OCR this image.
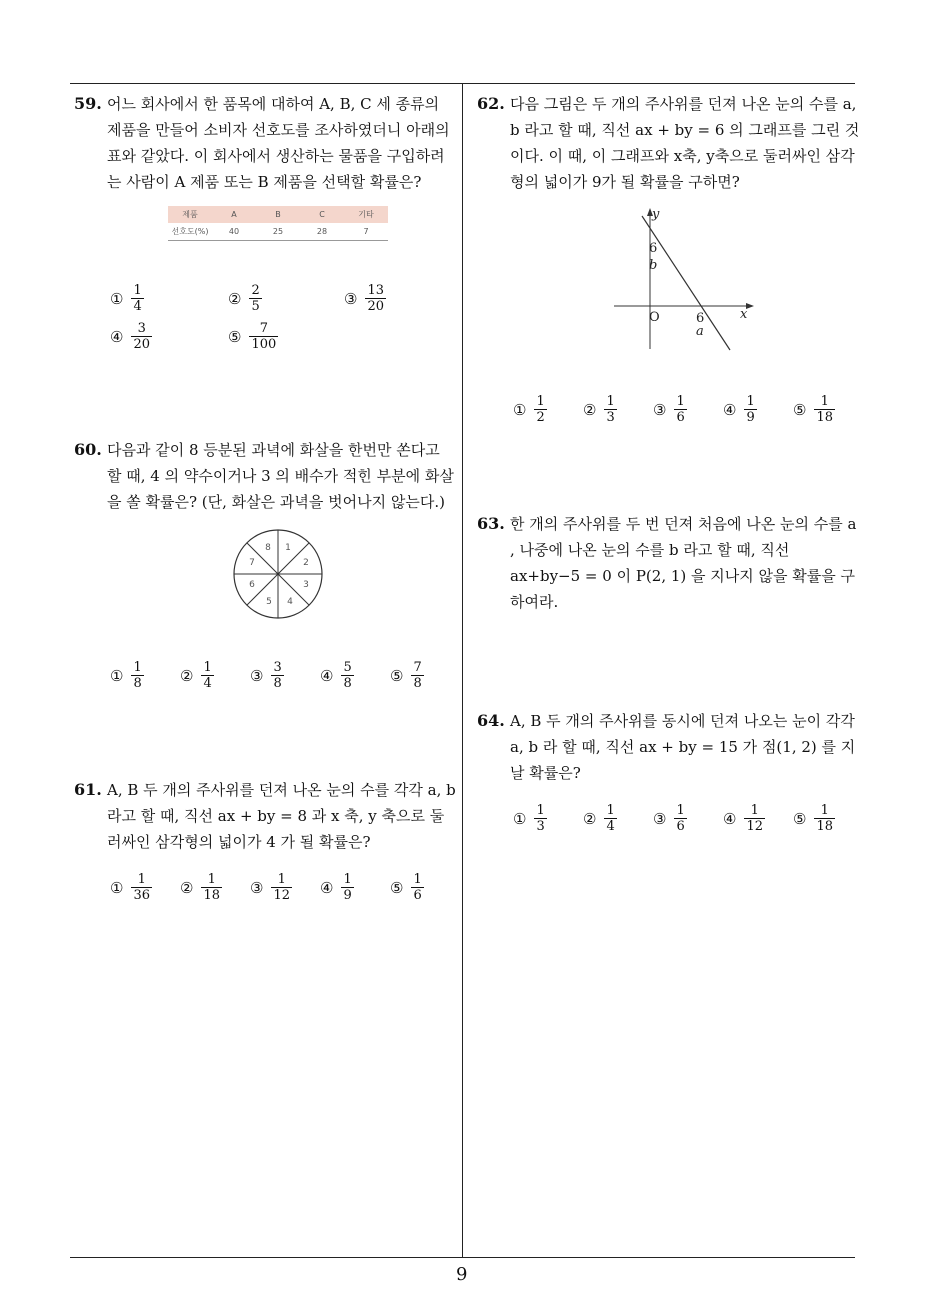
59. 어느 회사에서 한 품목에 대하여 A, B, C 세 종류의 제품을 만들어 소비자 선호도를 조사하였더니 아래의 표와 같았다. 이 회사에서 생산하는 물품을 구입하려는 사람이 A 제품 또는 B 제품을 선택할 확률은?
제품	A	B	C	기타
선호도(%)	40	25	28	7
① $\frac{1}{4}$	② $\frac{2}{5}$	③ $\frac{13}{20}$
④ $\frac{3}{20}$	⑤ $\frac{7}{100}$
60. 다음과 같이 8 등분된 과녁에 화살을 한번만 쏜다고 할 때, 4 의 약수이거나 3 의 배수가 적힌 부분에 화살을 쏠 확률은? (단, 화살은 과녁을 벗어나지 않는다.)
8 1
2
3
4
5
6
7
① $\frac{1}{8}$ ② $\frac{1}{4}$ ③ $\frac{3}{8}$ ④ $\frac{5}{8}$ ⑤ $\frac{7}{8}$
61. A, B 두 개의 주사위를 던져 나온 눈의 수를 각각 a, b 라고 할 때, 직선 ax + by = 8 과 x 축, y 축으로 둘러싸인 삼각형의 넓이가 4 가 될 확률은?
① $\frac{1}{36}$ ② $\frac{1}{18}$ ③ $\frac{1}{12}$ ④ $\frac{1}{9}$ ⑤ $\frac{1}{6}$
62. 다음 그림은 두 개의 주사위를 던져 나온 눈의 수를 a, b 라고 할 때, 직선 ax + by = 6 의 그래프를 그린 것이다. 이 때, 이 그래프와 x축, y축으로 둘러싸인 삼각형의 넓이가 9가 될 확률을 구하면?
y
x
6
b
6
a
O
① $\frac{1}{2}$ ② $\frac{1}{3}$ ③ $\frac{1}{6}$ ④ $\frac{1}{9}$ ⑤ $\frac{1}{18}$
63. 한 개의 주사위를 두 번 던져 처음에 나온 눈의 수를 a , 나중에 나온 눈의 수를 b 라고 할 때, 직선 ax+by−5 = 0 이 P(2, 1) 을 지나지 않을 확률을 구하여라.
64. A, B 두 개의 주사위를 동시에 던져 나오는 눈이 각각 a, b 라 할 때, 직선 ax + by = 15 가 점(1, 2) 를 지날 확률은?
① $\frac{1}{3}$ ② $\frac{1}{4}$ ③ $\frac{1}{6}$ ④ $\frac{1}{12}$ ⑤ $\frac{1}{18}$
9
